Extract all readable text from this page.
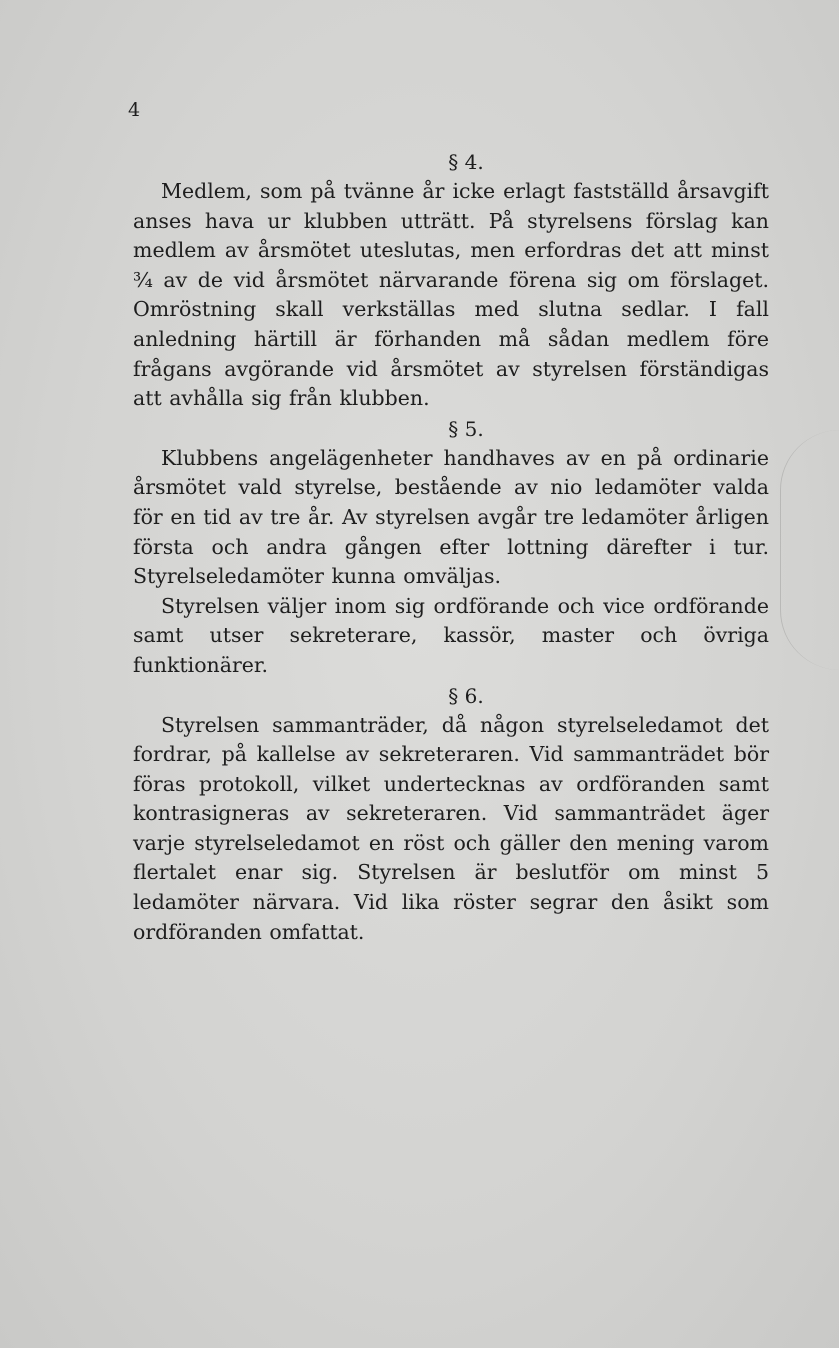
4
§ 4.

Medlem, som på tvänne år icke erlagt fastställd årsavgift anses hava ur klubben utträtt. På styrelsens förslag kan medlem av årsmötet uteslutas, men erfordras det att minst ¾ av de vid årsmötet närvarande förena sig om förslaget. Omröstning skall verkställas med slutna sedlar. I fall anledning härtill är förhanden må sådan medlem före frågans avgörande vid årsmötet av styrelsen förständigas att avhålla sig från klubben.

§ 5.

Klubbens angelägenheter handhaves av en på ordinarie årsmötet vald styrelse, bestående av nio ledamöter valda för en tid av tre år. Av styrelsen avgår tre ledamöter årligen första och andra gången efter lottning därefter i tur. Styrelseledamöter kunna omväljas.

Styrelsen väljer inom sig ordförande och vice ordförande samt utser sekreterare, kassör, master och övriga funktionärer.

§ 6.

Styrelsen sammanträder, då någon styrelseledamot det fordrar, på kallelse av sekreteraren. Vid sammanträdet bör föras protokoll, vilket undertecknas av ordföranden samt kontrasigneras av sekreteraren. Vid sammanträdet äger varje styrelseledamot en röst och gäller den mening varom flertalet enar sig. Styrelsen är beslutför om minst 5 ledamöter närvara. Vid lika röster segrar den åsikt som ordföranden omfattat.
